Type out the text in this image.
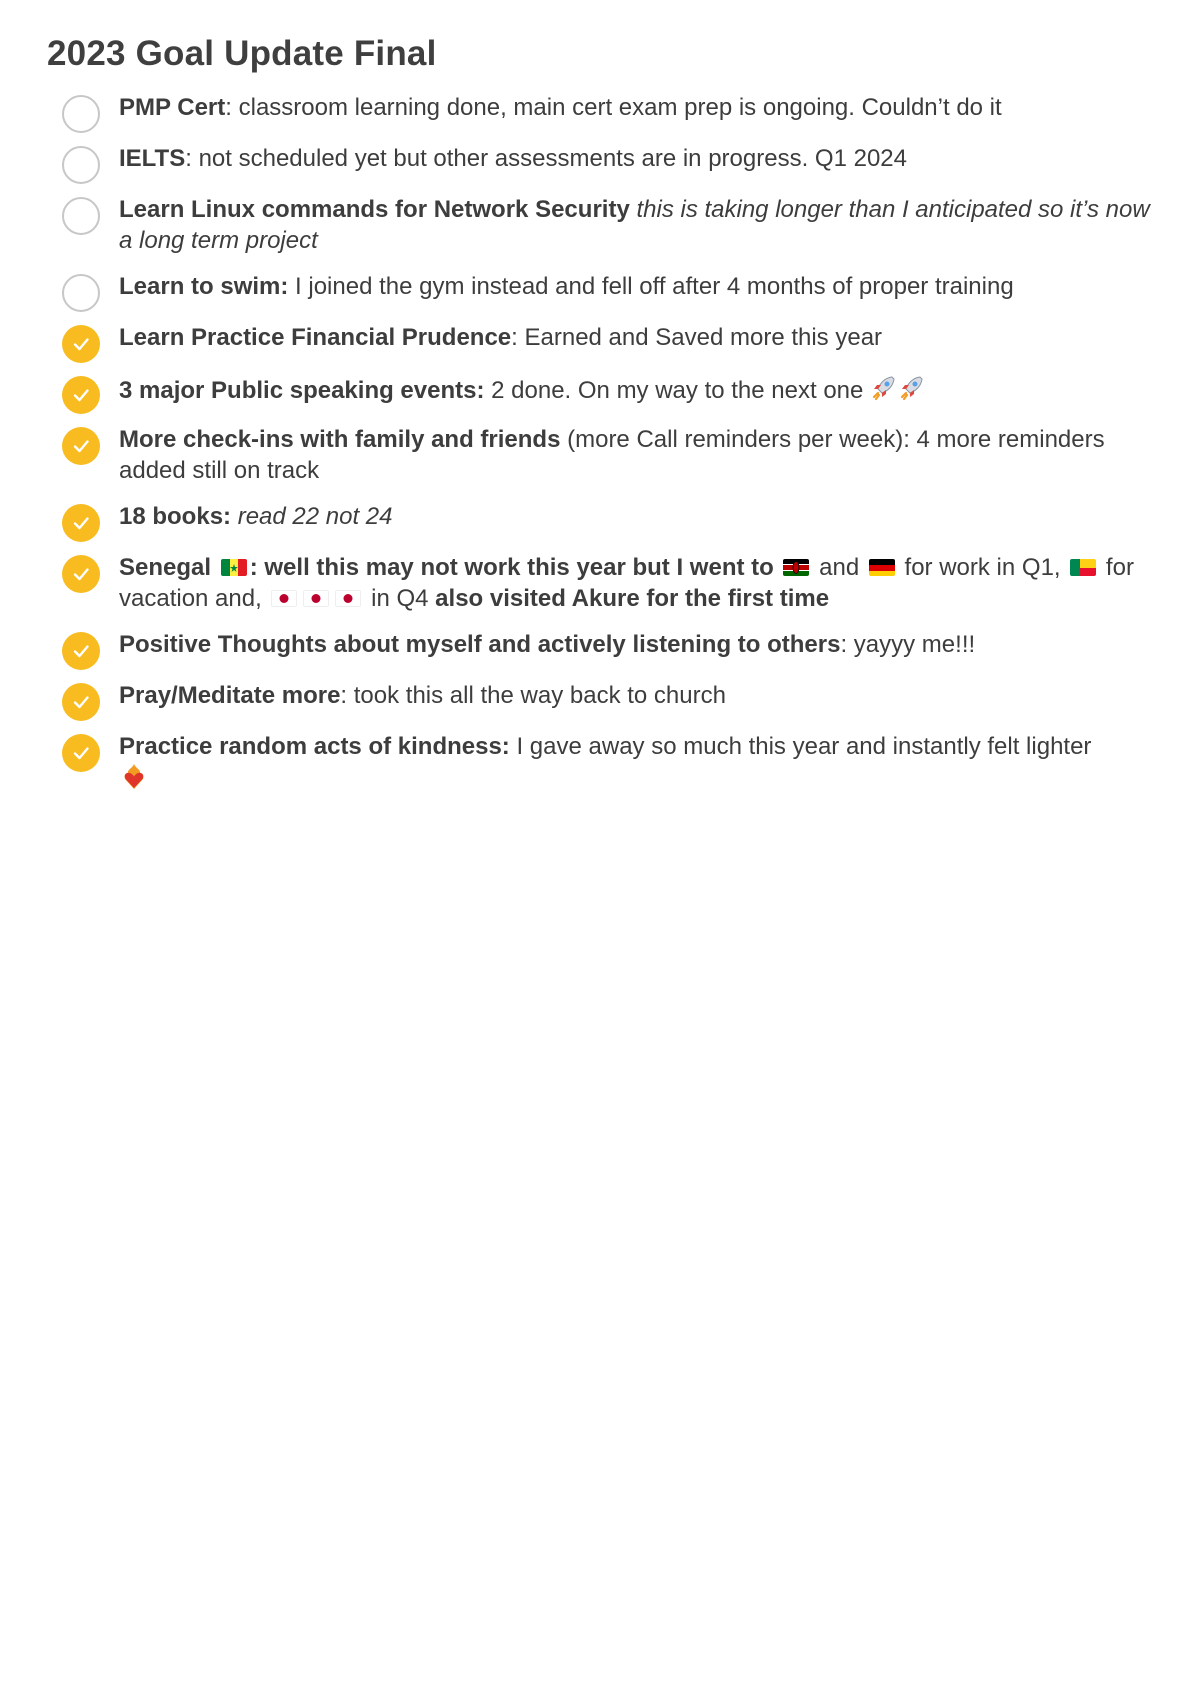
2023 Goal Update Final
PMP Cert: classroom learning done, main cert exam prep is ongoing. Couldn’t do it
IELTS: not scheduled yet but other assessments are in progress. Q1 2024
Learn Linux commands for Network Security this is taking longer than I anticipated so it’s now a long term project
Learn to swim: I joined the gym instead and fell off after 4 months of proper training
Learn Practice Financial Prudence: Earned and Saved more this year
3 major Public speaking events: 2 done. On my way to the next one
More check-ins with family and friends (more Call reminders per week): 4 more reminders added still on track
18 books: read 22 not 24
Senegal : well this may not work this year but I went to and for work in Q1, for vacation and,	in Q4 also visited Akure for the first time
Positive Thoughts about myself and actively listening to others: yayyy me!!!
Pray/Meditate more: took this all the way back to church
Practice random acts of kindness: I gave away so much this year and instantly felt lighter
